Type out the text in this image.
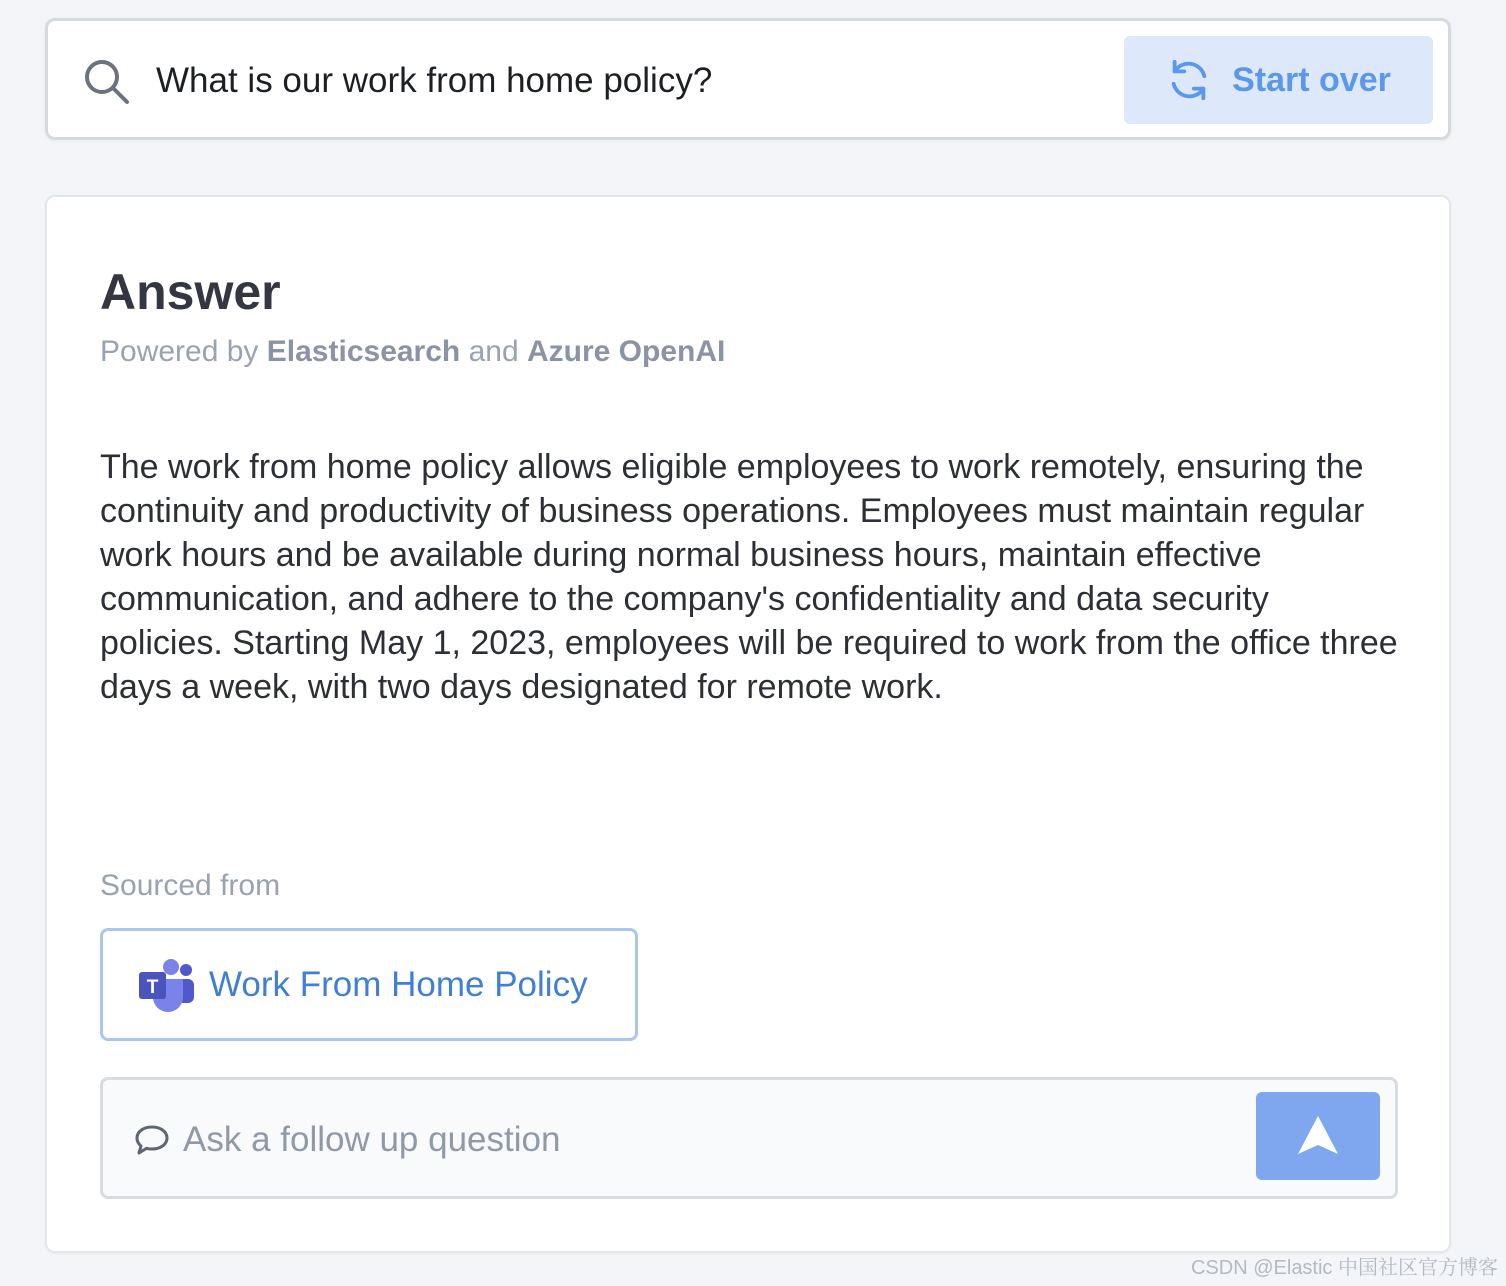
What is our work from home policy?	Start over
Answer
Powered by Elasticsearch and Azure OpenAI
The work from home policy allows eligible employees to work remotely, ensuring the continuity and productivity of business operations. Employees must maintain regular work hours and be available during normal business hours, maintain effective communication, and adhere to the company's confidentiality and data security policies. Starting May 1, 2023, employees will be required to work from the office three days a week, with two days designated for remote work.
Sourced from
T Work From Home Policy
Ask a follow up question
CSDN @Elastic 中国社区官方博客
